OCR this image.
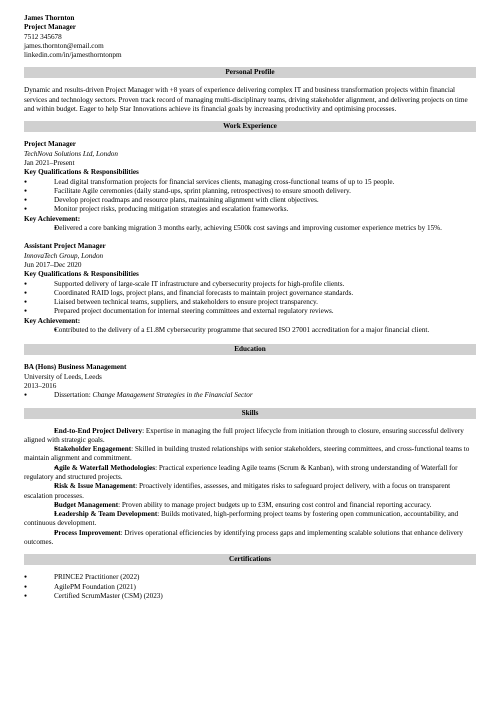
James Thornton
Project Manager
7512 345678
james.thornton@email.com
linkedin.com/in/jamesthorntonpm
Personal Profile

Dynamic and results-driven Project Manager with +8 years of experience delivering complex IT and business transformation projects within financial services and technology sectors. Proven track record of managing multi-disciplinary teams, driving stakeholder alignment, and delivering projects on time and within budget. Eager to help Star Innovations achieve its financial goals by increasing productivity and optimising processes.

Work Experience
Project Manager
TechNova Solutions Ltd, London
Jan 2021–Present
Key Qualifications & Responsibilities
● Lead digital transformation projects for financial services clients, managing cross-functional teams of up to 15 people.
● Facilitate Agile ceremonies (daily stand-ups, sprint planning, retrospectives) to ensure smooth delivery.
● Develop project roadmaps and resource plans, maintaining alignment with client objectives.
● Monitor project risks, producing mitigation strategies and escalation frameworks.
Key Achievement:
● Delivered a core banking migration 3 months early, achieving £500k cost savings and improving customer experience metrics by 15%.
Assistant Project Manager
InnovaTech Group, London
Jun 2017–Dec 2020
Key Qualifications & Responsibilities
● Supported delivery of large-scale IT infrastructure and cybersecurity projects for high-profile clients.
● Coordinated RAID logs, project plans, and financial forecasts to maintain project governance standards.
● Liaised between technical teams, suppliers, and stakeholders to ensure project transparency.
● Prepared project documentation for internal steering committees and external regulatory reviews.
Key Achievement:
● Contributed to the delivery of a £1.8M cybersecurity programme that secured ISO 27001 accreditation for a major financial client.
Education
BA (Hons) Business Management
University of Leeds, Leeds
2013–2016
● Dissertation: Change Management Strategies in the Financial Sector
Skills
● End-to-End Project Delivery: Expertise in managing the full project lifecycle from initiation through to closure, ensuring successful delivery aligned with strategic goals.
● Stakeholder Engagement: Skilled in building trusted relationships with senior stakeholders, steering committees, and cross-functional teams to maintain alignment and commitment.
● Agile & Waterfall Methodologies: Practical experience leading Agile teams (Scrum & Kanban), with strong understanding of Waterfall for regulatory and structured projects.
● Risk & Issue Management: Proactively identifies, assesses, and mitigates risks to safeguard project delivery, with a focus on transparent escalation processes.
● Budget Management: Proven ability to manage project budgets up to £3M, ensuring cost control and financial reporting accuracy.
● Leadership & Team Development: Builds motivated, high-performing project teams by fostering open communication, accountability, and continuous development.
● Process Improvement: Drives operational efficiencies by identifying process gaps and implementing scalable solutions that enhance delivery outcomes.
Certifications
● PRINCE2 Practitioner (2022)
● AgilePM Foundation (2021)
● Certified ScrumMaster (CSM) (2023)
